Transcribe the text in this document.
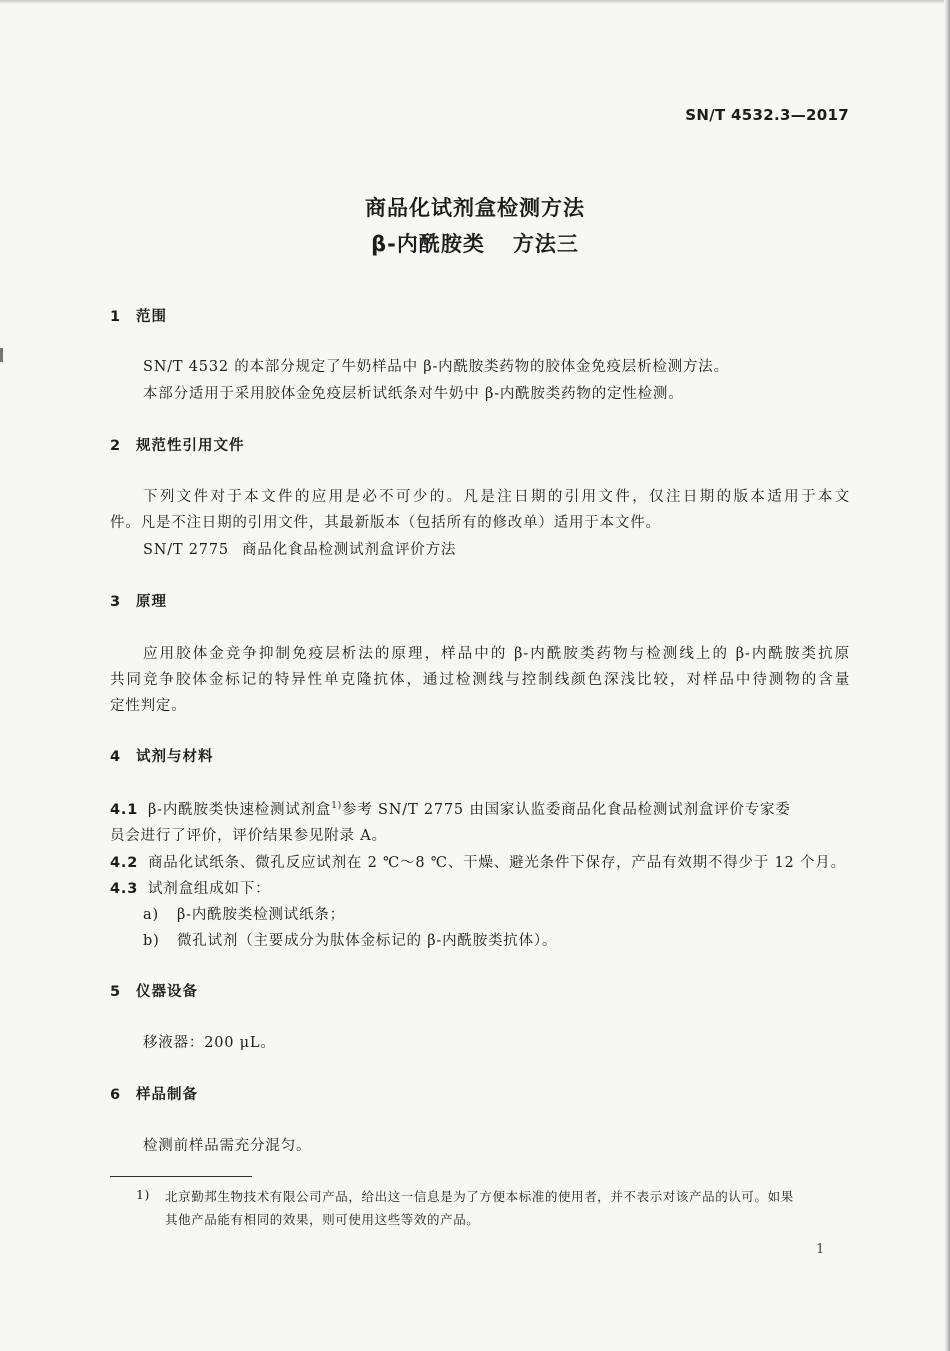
SN/T 4532.3—2017
商品化试剂盒检测方法
β-内酰胺类 方法三
1 范围
SN/T 4532 的本部分规定了牛奶样品中 β-内酰胺类药物的胶体金免疫层析检测方法。
本部分适用于采用胶体金免疫层析试纸条对牛奶中 β-内酰胺类药物的定性检测。
2 规范性引用文件
下列文件对于本文件的应用是必不可少的。凡是注日期的引用文件，仅注日期的版本适用于本文
件。凡是不注日期的引用文件，其最新版本（包括所有的修改单）适用于本文件。
SN/T 2775 商品化食品检测试剂盒评价方法
3 原理
应用胶体金竞争抑制免疫层析法的原理，样品中的 β-内酰胺类药物与检测线上的 β-内酰胺类抗原
共同竞争胶体金标记的特异性单克隆抗体，通过检测线与控制线颜色深浅比较，对样品中待测物的含量
定性判定。
4 试剂与材料
4.1 β-内酰胺类快速检测试剂盒$^{1)}$参考 SN/T 2775 由国家认监委商品化食品检测试剂盒评价专家委
员会进行了评价，评价结果参见附录 A。
4.2 商品化试纸条、微孔反应试剂在 2 ℃～8 ℃、干燥、避光条件下保存，产品有效期不得少于 12 个月。
4.3 试剂盒组成如下：
a) β-内酰胺类检测试纸条；
b) 微孔试剂（主要成分为肽体金标记的 β-内酰胺类抗体）。
5 仪器设备
移液器：200 μL。
6 样品制备
检测前样品需充分混匀。
1) 北京勤邦生物技术有限公司产品，给出这一信息是为了方便本标准的使用者，并不表示对该产品的认可。如果
其他产品能有相同的效果，则可使用这些等效的产品。
1
